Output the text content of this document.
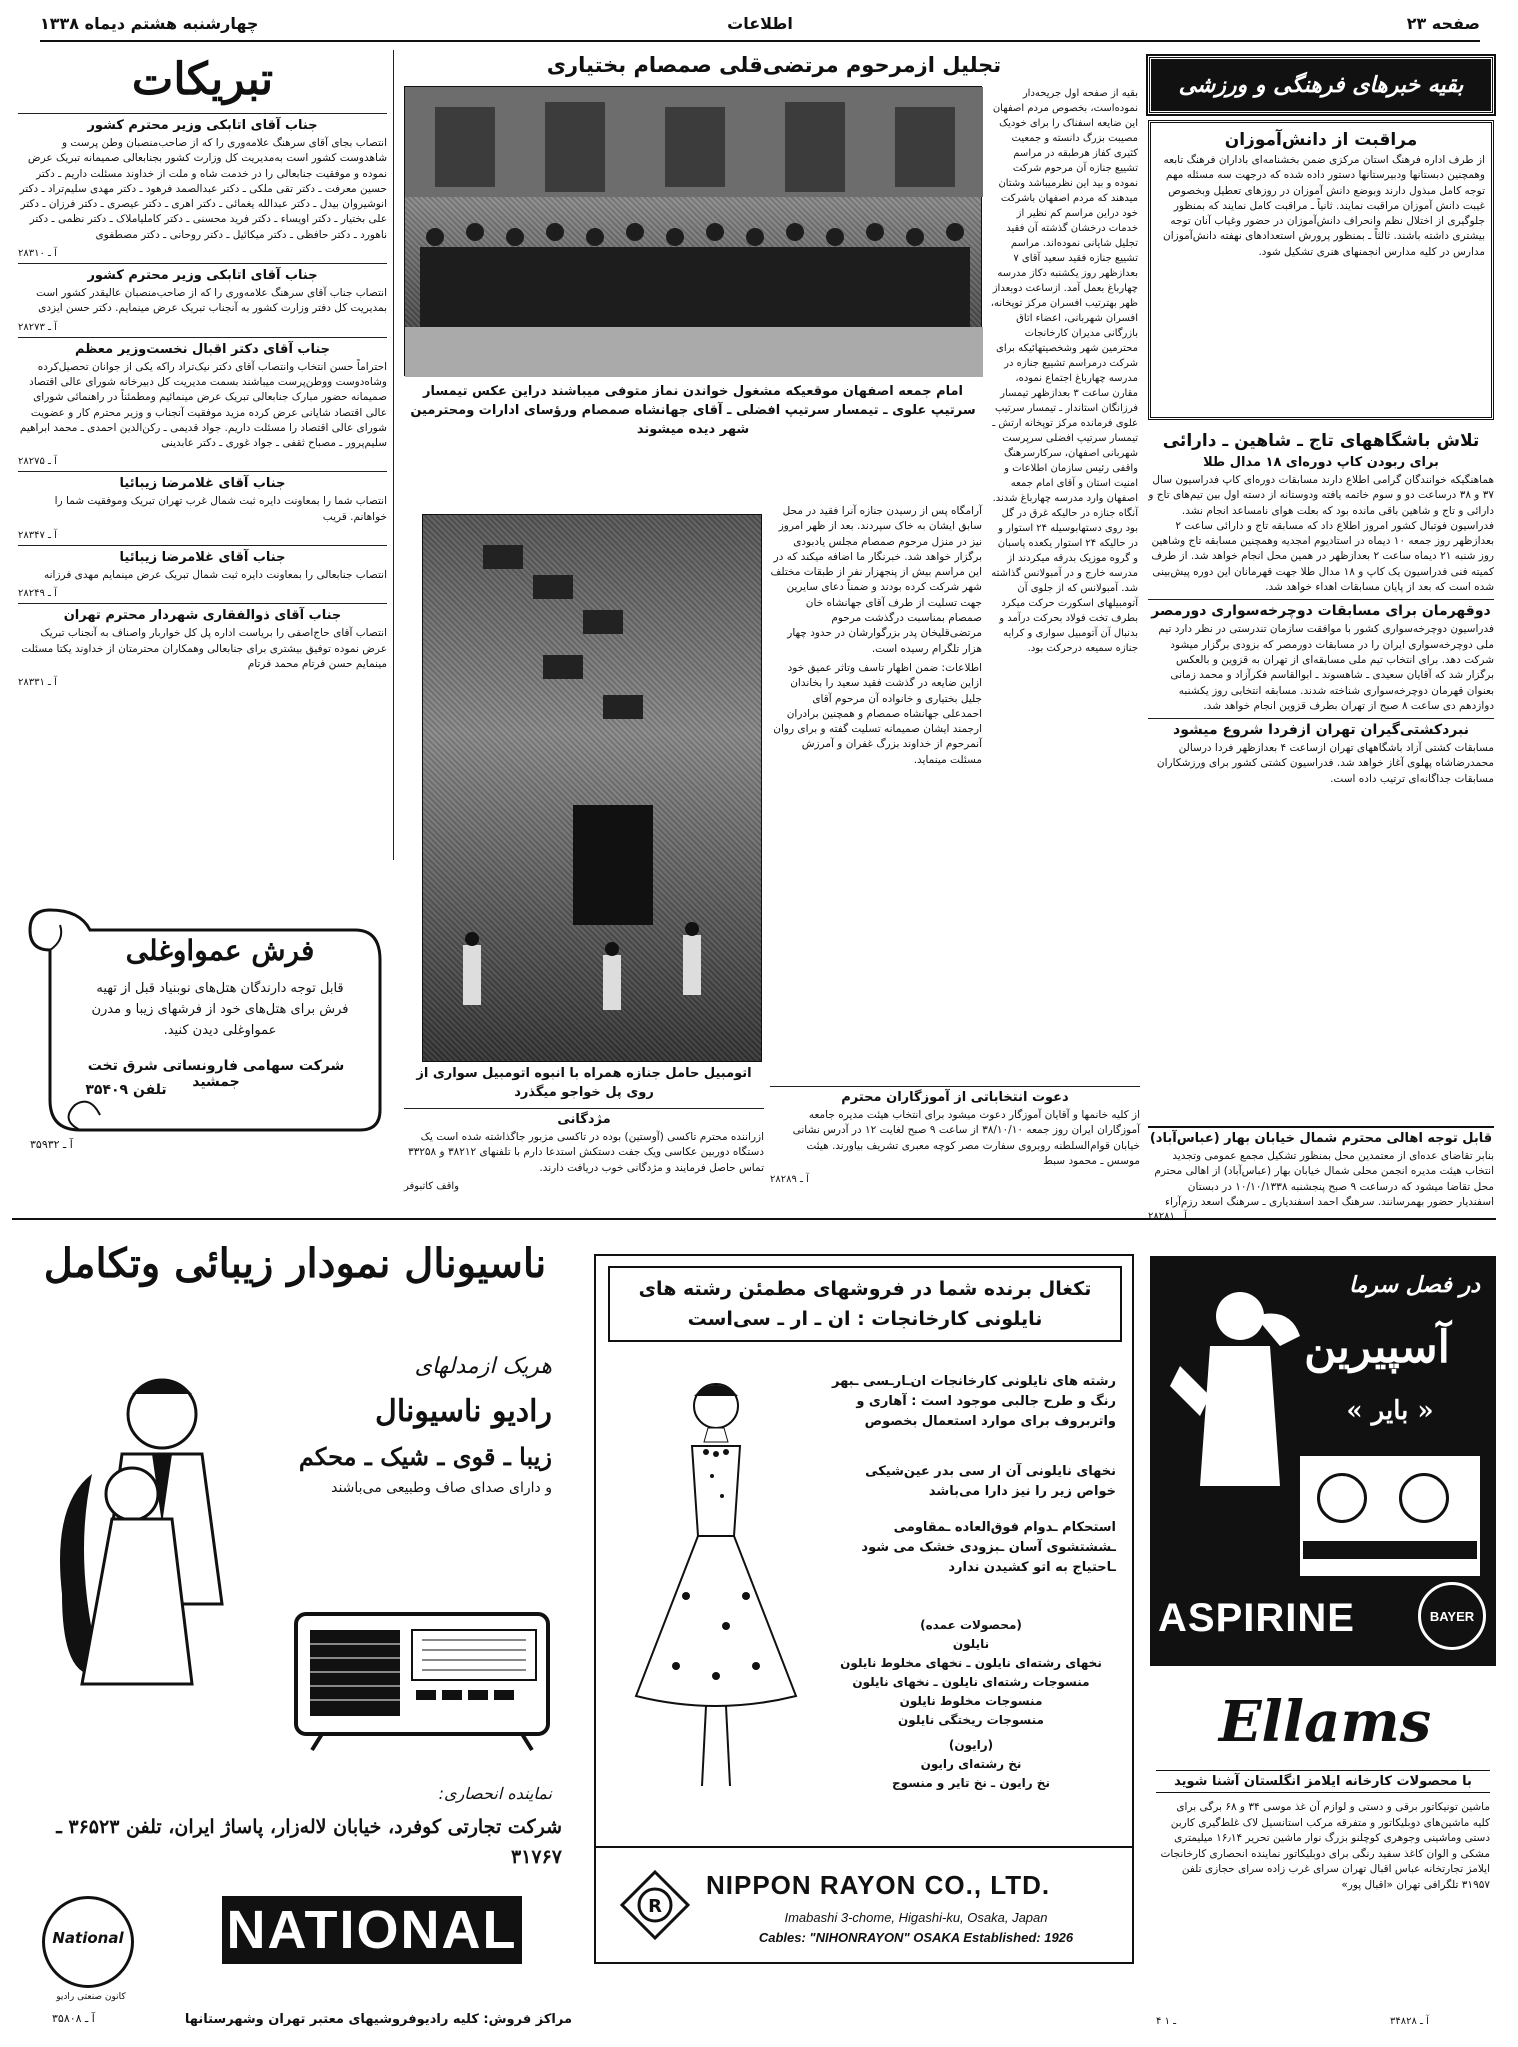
صفحه ۲۳
اطلاعات
چهارشنبه هشتم دیماه ۱۳۳۸
تبریکات
جناب آقای اتابکی وزیر محترم کشور

انتصاب بجای آقای سرهنگ علامه‌وری را که از صاحب‌منصبان وطن پرست و شاهدوست کشور است به‌مدیریت کل وزارت کشور بجنابعالی صمیمانه تبریک عرض نموده و موفقیت جنابعالی را در خدمت شاه و ملت از خداوند مسئلت داریم ـ دکتر حسین معرفت ـ دکتر تقی ملکی ـ دکتر عبدالصمد فرهود ـ دکتر مهدی سلیم‌تراد ـ دکتر انوشیروان بیدل ـ دکتر عبدالله یغمائی ـ دکتر اهری ـ دکتر عیصری ـ دکتر فرزان ـ دکتر علی بختیار ـ دکتر اویساء ـ دکتر فرید محسنی ـ دکتر کاملیاملاک ـ دکتر نظمی ـ دکتر ناهورد ـ دکتر حافظی ـ دکتر میکائیل ـ دکتر روحانی ـ دکتر مصطفوی

آ ـ ۲۸۳۱۰
جناب آقای اتابکی وزیر محترم کشور

انتصاب جناب آقای سرهنگ علامه‌وری را که از صاحب‌منصبان عالیقدر کشور است بمدیریت کل دفتر وزارت کشور به آنجناب تبریک عرض مینمایم. دکتر حسن ایزدی

آ ـ ۲۸۲۷۳
جناب آقای دکتر اقبال نخست‌وزیر معظم

احتراماً حسن انتخاب وانتصاب آقای دکتر نیک‌تراد راکه یکی از جوانان تحصیل‌کرده وشاه‌دوست ووطن‌پرست میباشند بسمت مدیریت کل دبیرخانه شورای عالی اقتصاد صمیمانه حضور مبارک جنابعالی تبریک عرض مینمائیم ومطمئناً در راهنمائی شورای عالی اقتصاد شایانی عرض کرده مزید موفقیت آنجناب و وزیر محترم کار و عضویت شورای عالی اقتصاد را مسئلت داریم. جواد قدیمی ـ رکن‌الدین احمدی ـ محمد ابراهیم سلیم‌پرور ـ مصباح ثقفی ـ جواد غوری ـ دکتر عابدینی

آ ـ ۲۸۲۷۵
جناب آقای غلامرضا زیبائیا

انتصاب شما را بمعاونت دایره ثبت شمال غرب تهران تبریک وموفقیت شما را خواهانم. قریب

آ ـ ۲۸۳۴۷
جناب آقای غلامرضا زیبائیا

انتصاب جنابعالی را بمعاونت دایره ثبت شمال تبریک عرض مینمایم مهدی فرزانه

آ ـ ۲۸۲۴۹
جناب آقای ذوالفقاری شهردار محترم تهران

انتصاب آقای حاج‌اصفی را بریاست اداره پل کل خواربار واصناف به آنجناب تبریک عرض نموده توفیق بیشتری برای جنابعالی وهمکاران محترمتان از خداوند یکتا مسئلت مینمایم حسن فرتام محمد فرتام

آ ـ ۲۸۳۳۱
فرش عمواوغلی
قابل توجه دارندگان هتل‌های نوبنیاد قبل از تهیه فرش برای هتل‌های خود از فرشهای زیبا و مدرن عمواوغلی دیدن کنید.
شرکت سهامی فارونساتی شرق تخت جمشید
تلفن ۳۵۴۰۹
آ ـ ۳۵۹۳۲
تجلیل ازمرحوم مرتضی‌قلی صمصام بختیاری

بقیه از صفحه اول جریحه‌دار نموده‌است، بخصوص مردم اصفهان این ضایعه اسفناک را برای خودیک مصیبت بزرگ دانسته و جمعیت کثیری کفاز هرطبقه در مراسم تشییع جنازه آن مرحوم شرکت نموده و بید این نظرمیباشد وشتان میدهند که مردم اصفهان باشرکت خود دراین مراسم کم نظیر از خدمات درخشان گذشته آن فقید تجلیل شایانی نموده‌اند. مراسم تشییع جنازه فقید سعید آقای ۷ بعدازظهر روز یکشنبه دکاز مدرسه چهارباغ بعمل آمد. ازساعت دوبعداز ظهر بهترتیب افسران مرکز توپخانه، افسران شهربانی، اعضاء اتاق بازرگانی مدیران کارخانجات محترمین شهر وشخصیتهائیکه برای شرکت درمراسم تشییع جنازه در مدرسه چهارباغ اجتماع نموده، مقارن ساعت ۳ بعدازظهر تیمسار فرزانگان استاندار ـ تیمسار سرتیپ علوی فرمانده مرکز توپخانه ارتش ـ تیمسار سرتیپ افضلی سرپرست شهربانی اصفهان، سرکارسرهنگ واقفی رئیس سازمان اطلاعات و امنیت استان و آقای امام جمعه اصفهان وارد مدرسه چهارباغ شدند. آنگاه جنازه در حالیکه غرق در گل بود روی دستهابوسیله ۲۴ استوار و در حالیکه ۲۴ استوار یکعده پاسبان و گروه موزیک بدرقه میکردند از مدرسه خارج و در آمبولانس گذاشته شد. آمبولانس که از جلوی آن آتومبیلهای اسکورت حرکت میکرد بطرف تخت فولاد بحرکت درآمد و بدنبال آن آتومبیل سواری و کرایه جنازه سمیعه درحرکت بود.

امام جمعه اصفهان موقعیکه مشغول خواندن نماز متوفی میباشند دراین عکس تیمسار سرتیپ علوی ـ تیمسار سرتیپ افضلی ـ آقای جهانشاه صمصام ورؤسای ادارات ومحترمین شهر دیده میشوند

آرامگاه پس از رسیدن جنازه آنرا فقید در محل سابق ایشان به خاک سپردند. بعد از ظهر امروز نیز در منزل مرحوم صمصام مجلس یادبودی برگزار خواهد شد. خبرنگار ما اضافه میکند که در این مراسم بیش از پنجهزار نفر از طبقات مختلف شهر شرکت کرده بودند و ضمناً دعای سایرین جهت تسلیت از طرف آقای جهانشاه خان صمصام بمناسبت درگذشت مرحوم مرتضی‌قلیخان پدر بزرگوارشان در حدود چهار هزار تلگرام رسیده است.

اطلاعات: ضمن اظهار تاسف وتاثر عمیق خود ازاین ضایعه در گذشت فقید سعید را بخاندان جلیل بختیاری و خانواده آن مرحوم آقای احمدعلی جهانشاه صمصام و همچنین برادران ارجمند ایشان صمیمانه تسلیت گفته و برای روان آنمرحوم از خداوند بزرگ غفران و آمرزش مسئلت مینماید.

اتومبیل حامل جنازه همراه با انبوه اتومبیل سواری از روی پل خواجو میگذرد	دعوت انتخاباتی از آموزگاران محترم

از کلیه خانمها و آقایان آموزگار دعوت میشود برای انتخاب هیئت مدیره جامعه آموزگاران ایران روز جمعه ۳۸/۱۰/۱۰ از ساعت ۹ صبح لغایت ۱۲ در آدرس نشانی خیابان قوام‌السلطنه روبروی سفارت مصر کوچه معبری تشریف بیاورند. هیئت موسس ـ محمود سبط

آ ـ ۲۸۲۸۹
مژدگانی

ازراننده محترم تاکسی (آوستین) بوده در تاکسی مزبور جاگذاشته شده است یک دستگاه دوربین عکاسی ویک جفت دستکش استدعا دارم با تلفنهای ۳۸۲۱۲ و ۳۳۲۵۸ تماس حاصل فرمایند و مژدگانی خوب دریافت دارند.

واقف کاتبوفر
بقیه خبرهای فرهنگی و ورزشی
مراقبت از دانش‌آموزان

از طرف اداره فرهنگ استان مرکزی ضمن بخشنامه‌ای باداران فرهنگ تابعه وهمچنین دبستانها ودبیرستانها دستور داده شده که درجهت سه مسئله مهم توجه کامل مبذول دارند وبوضع دانش آموزان در روزهای تعطیل وبخصوص غیبت دانش آموزان مراقبت نمایند. ثانیاً ـ مراقبت کامل نمایند که بمنظور جلوگیری از اختلال نظم وانحراف دانش‌آموزان در حضور وغیاب آنان توجه بیشتری داشته باشند. ثالثاً ـ بمنظور پرورش استعدادهای نهفته دانش‌آموزان مدارس در کلیه مدارس انجمنهای هنری تشکیل شود.

تلاش باشگاههای تاج ـ شاهین ـ دارائی
برای ربودن کاپ دوره‌ای ۱۸ مدال طلا

هماهنگیکه خوانندگان گرامی اطلاع دارند مسابقات دوره‌ای کاپ فدراسیون سال ۳۷ و ۳۸ درساعت دو و سوم خاتمه یافته ودوستانه از دسته اول بین تیم‌های تاج و دارائی و تاج و شاهین باقی مانده بود که بعلت هوای نامساعد انجام نشد. فدراسیون فوتبال کشور امروز اطلاع داد که مسابقه تاج و دارائی ساعت ۲ بعدازظهر روز جمعه ۱۰ دیماه در استادیوم امجدیه وهمچنین مسابقه تاج وشاهین روز شنبه ۲۱ دیماه ساعت ۲ بعدازظهر در همین محل انجام خواهد شد. از طرف کمیته فنی فدراسیون یک کاپ و ۱۸ مدال طلا جهت قهرمانان این دوره پیش‌بینی شده است که بعد از پایان مسابقات اهداء خواهد شد.

دوقهرمان برای مسابقات دوچرخه‌سواری دورمصر

فدراسیون دوچرخه‌سواری کشور با موافقت سازمان تندرستی در نظر دارد تیم ملی دوچرخه‌سواری ایران را در مسابقات دورمصر که بزودی برگزار میشود شرکت دهد. برای انتخاب تیم ملی مسابقه‌ای از تهران به قزوین و بالعکس برگزار شد که آقایان سعیدی ـ شاهسوند ـ ابوالقاسم فکرآزاد و محمد زمانی بعنوان قهرمان دوچرخه‌سواری شناخته شدند. مسابقه انتخابی روز یکشنبه دوازدهم دی ساعت ۸ صبح از تهران بطرف قزوین انجام خواهد شد.

نبردکشتی‌گیران تهران ازفردا شروع میشود

مسابقات کشتی آزاد باشگاههای تهران ازساعت ۴ بعدازظهر فردا درسالن محمدرضاشاه پهلوی آغاز خواهد شد. فدراسیون کشتی کشور برای ورزشکاران مسابقات جداگانه‌ای ترتیب داده است.

قابل توجه اهالی محترم شمال خیابان بهار (عباس‌آباد)

بنابر تقاضای عده‌ای از معتمدین محل بمنظور تشکیل مجمع عمومی وتجدید انتخاب هیئت مدیره انجمن محلی شمال خیابان بهار (عباس‌آباد) از اهالی محترم محل تقاضا میشود که درساعت ۹ صبح پنجشنبه ۱۰/۱۰/۱۳۳۸ در دبستان اسفندیار حضور بهمرسانند. سرهنگ احمد اسفندیاری ـ سرهنگ اسعد رزم‌آراء

آ ـ ۲۸۲۸۱
ناسیونال نمودار زیبائی وتکامل
هریک ازمدلهای
رادیو ناسیونال
زیبا ـ قوی ـ شیک ـ محکم
و دارای صدای صاف وطبیعی می‌باشند
نماینده انحصاری:
شرکت تجارتی کوفرد، خیابان لاله‌زار، پاساژ ایران، تلفن ۳۶۵۲۳ ـ ۳۱۷۶۷
National
کانون صنعتی رادیو
NATIONAL
مراکز فروش: کلیه رادیوفروشیهای معتبر تهران وشهرستانها
آ ـ ۳۵۸۰۸
تکغال برنده شما در فروشهای مطمئن رشته های نایلونی کارخانجات : ان ـ ار ـ سی‌است
رشته های نایلونی کارخانجات ان‌ـار‌ـسی ‌ـبهر رنگ و طرح جالبی موجود است : آهاری و واتربروف برای موارد استعمال بخصوص
نخهای نایلونی آن ار سی بدر عین‌شیکی خواص زیر را نیز دارا می‌باشد
استحکام ـدوام فوق‌العاده ـمقاومی ـششتشوی آسان ـبزودی خشک می شود ـاحتیاج به اتو کشیدن ندارد
(محصولات عمده)
نایلون
نخهای رشته‌ای نایلون ـ نخهای مخلوط نایلون
منسوجات رشته‌ای نایلون ـ نخهای نایلون
منسوجات مخلوط نایلون
منسوجات ریختگی نایلون
(رایون)
نخ رشته‌ای رایون
نخ رایون ـ نخ تایر و منسوج
R
NIPPON RAYON CO., LTD.
Imabashi 3-chome, Higashi-ku, Osaka, Japan
Cables: "NIHONRAYON" OSAKA Established: 1926
در فصل سرما
آسپیرین
« بایر »
ASPIRINE	BAYER
Ellams
با محصولات کارخانه ایلامز انگلستان آشنا شوید

ماشین تونیکاتور برقی و دستی و لوازم آن غذ موسی ۳۴ و ۶۸ برگی برای کلیه ماشین‌های دوبلیکاتور و متفرقه مرکب استانسیل لاک غلط‌گیری کاربن دستی وماشینی وجوهری کوچلنو بزرگ نوار ماشین تحریر ۱۶٫۱۴ میلیمتری مشکی و الوان کاغذ سفید ‌رنگی برای دوبلیکاتور نماینده انحصاری کارخانجات ایلامز تجارتخانه عباس اقبال تهران سرای غرب زاده سرای حجازی تلفن ۳۱۹۵۷ تلگرافی تهران «اقبال پور»

۴ ـ ۱	آ ـ ۳۴۸۲۸
